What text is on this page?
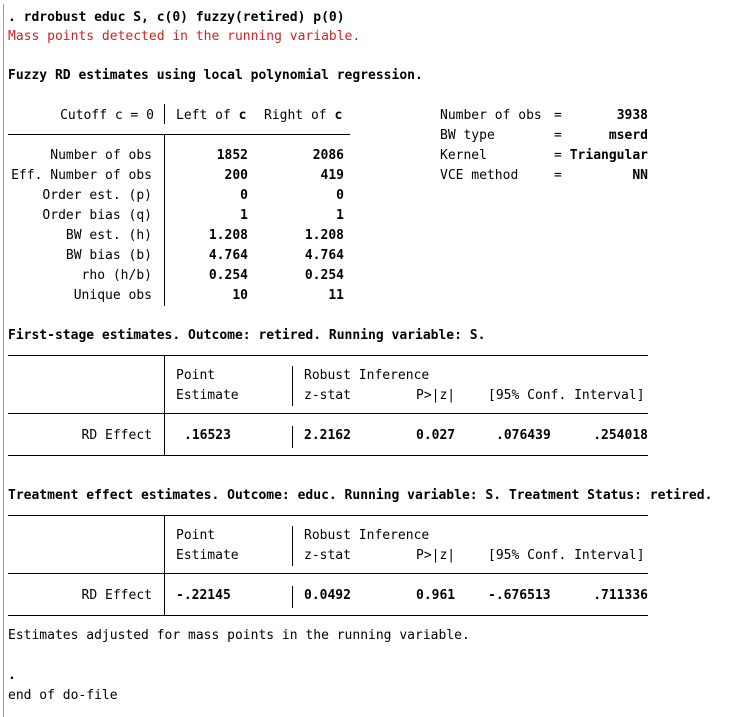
. rdrobust educ S, c(0) fuzzy(retired) p(0)
Mass points detected in the running variable.
Fuzzy RD estimates using local polynomial regression.
Cutoff c = 0 Left of c Right of c
Number of obs	1852	2086
Eff. Number of obs	200	419
Order est. (p)	0	0
Order bias (q)	1	1
BW est. (h)	1.208	1.208
BW bias (b)	4.764	4.764
rho (h/b)	0.254	0.254
Unique obs	10	11
Number of obs =	3938
BW type	=	mserd
Kernel	= Triangular
VCE method	=	NN
First-stage estimates. Outcome: retired. Running variable: S.
Point
Estimate
Robust Inference
z-stat	P>|z|	[95% Conf. Interval]
RD Effect .16523	2.2162	0.027	.076439	.254018
Treatment effect estimates. Outcome: educ. Running variable: S. Treatment Status: retired.
Point
Estimate
Robust Inference
z-stat	P>|z|	[95% Conf. Interval]
RD Effect -.22145	0.0492	0.961	-.676513	.711336
Estimates adjusted for mass points in the running variable.
.
end of do-file
